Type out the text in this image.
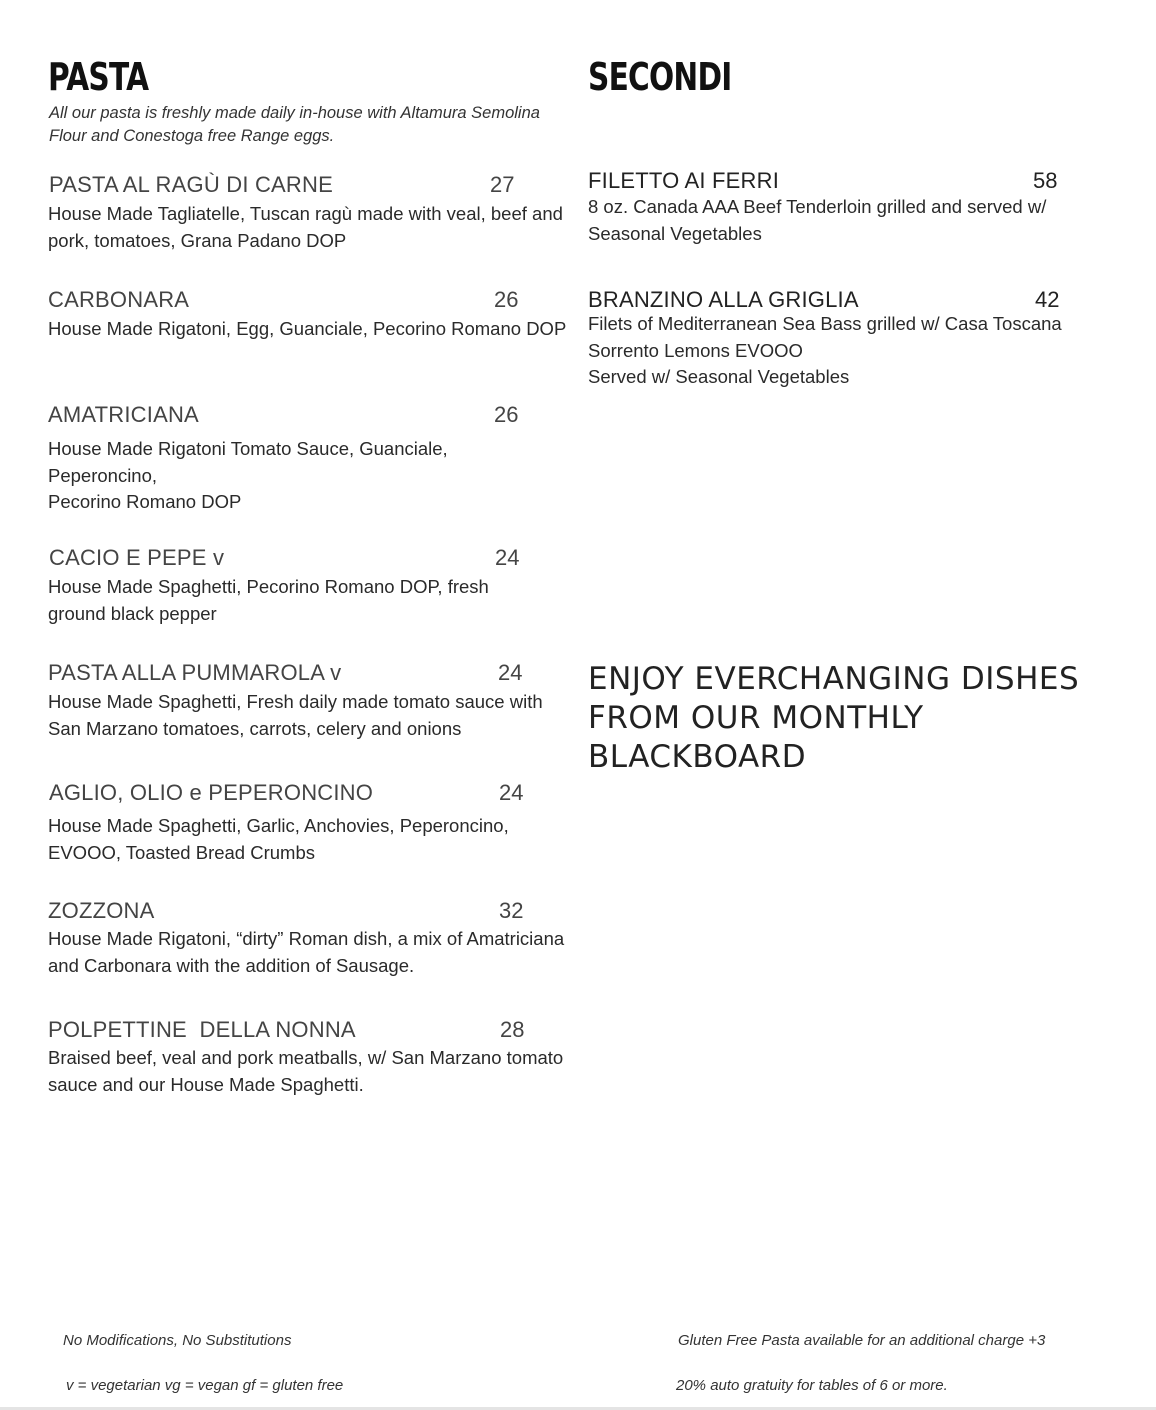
PASTA

All our pasta is freshly made daily in-house with Altamura Semolina Flour and Conestoga free Range eggs.

PASTA AL RAGÙ DI CARNE	27

House Made Tagliatelle, Tuscan ragù made with veal, beef and pork, tomatoes, Grana Padano DOP

CARBONARA	26

House Made Rigatoni, Egg, Guanciale, Pecorino Romano DOP

AMATRICIANA	26

House Made Rigatoni Tomato Sauce, Guanciale, Peperoncino,
Pecorino Romano DOP

CACIO E PEPE v	24

House Made Spaghetti, Pecorino Romano DOP, fresh ground black pepper

PASTA ALLA PUMMAROLA v	24

House Made Spaghetti, Fresh daily made tomato sauce with San Marzano tomatoes, carrots, celery and onions

AGLIO, OLIO e PEPERONCINO	24

House Made Spaghetti, Garlic, Anchovies, Peperoncino, EVOOO, Toasted Bread Crumbs

ZOZZONA	32

House Made Rigatoni, “dirty” Roman dish, a mix of Amatriciana and Carbonara with the addition of Sausage.

POLPETTINE  DELLA NONNA	28

Braised beef, veal and pork meatballs, w/ San Marzano tomato sauce and our House Made Spaghetti.

SECONDI
FILETTO AI FERRI	58

8 oz. Canada AAA Beef Tenderloin grilled and served w/ Seasonal Vegetables

BRANZINO ALLA GRIGLIA	42

Filets of Mediterranean Sea Bass grilled w/ Casa Toscana Sorrento Lemons EVOOO
Served w/ Seasonal Vegetables

ENJOY EVERCHANGING DISHES FROM OUR MONTHLY BLACKBOARD

No Modifications, No Substitutions
v = vegetarian vg = vegan gf = gluten free
Gluten Free Pasta available for an additional charge +3
20% auto gratuity for tables of 6 or more.
